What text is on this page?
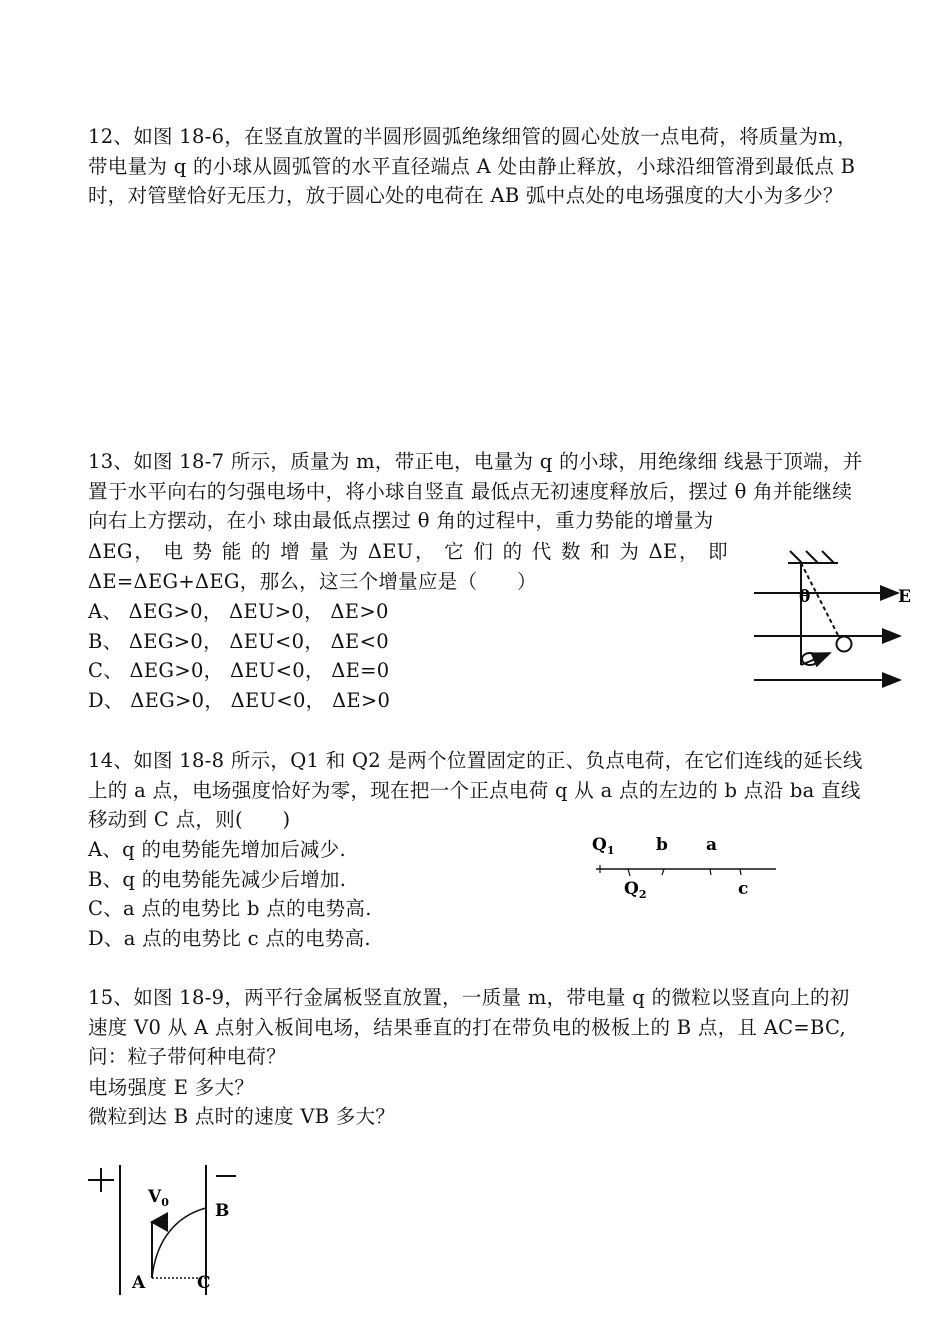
12、如图 18-6，在竖直放置的半圆形圆弧绝缘细管的圆心处放一点电荷，将质量为m，带电量为 q 的小球从圆弧管的水平直径端点 A 处由静止释放，小球沿细管滑到最低点 B 时，对管壁恰好无压力，放于圆心处的电荷在 AB 弧中点处的电场强度的大小为多少？

13、如图 18-7 所示，质量为 m，带正电，电量为 q 的小球，用绝缘细 线悬于顶端，并置于水平向右的匀强电场中，将小球自竖直 最低点无初速度释放后，摆过 θ 角并能继续向右上方摆动，在小 球由最低点摆过 θ 角的过程中，重力势能的增量为

ΔEG， 电 势 能 的 增 量 为 ΔEU， 它 们 的 代 数 和 为 ΔE， 即
ΔE=ΔEG+ΔEG，那么，这三个增量应是（　　）
A、 ΔEG>0， ΔEU>0， ΔE>0
B、 ΔEG>0， ΔEU<0， ΔE<0
C、 ΔEG>0， ΔEU<0， ΔE=0
D、 ΔEG>0， ΔEU<0， ΔE>0
θ	E

14、如图 18-8 所示，Q1 和 Q2 是两个位置固定的正、负点电荷，在它们连线的延长线上的 a 点，电场强度恰好为零，现在把一个正点电荷 q 从 a 点的左边的 b 点沿 ba 直线移动到 C 点，则(　　)

A、q 的电势能先增加后减少.
B、q 的电势能先减少后增加.
C、a 点的电势比 b 点的电势高.
D、a 点的电势比 c 点的电势高.
$Q_1$ b a
$Q_2$	c

15、如图 18-9，两平行金属板竖直放置，一质量 m，带电量 q 的微粒以竖直向上的初速度 V0 从 A 点射入板间电场，结果垂直的打在带负电的极板上的 B 点，且 AC=BC,问：粒子带何种电荷？

电场强度 E 多大？
微粒到达 B 点时的速度 VB 多大？
$V_0$	B
A	C
